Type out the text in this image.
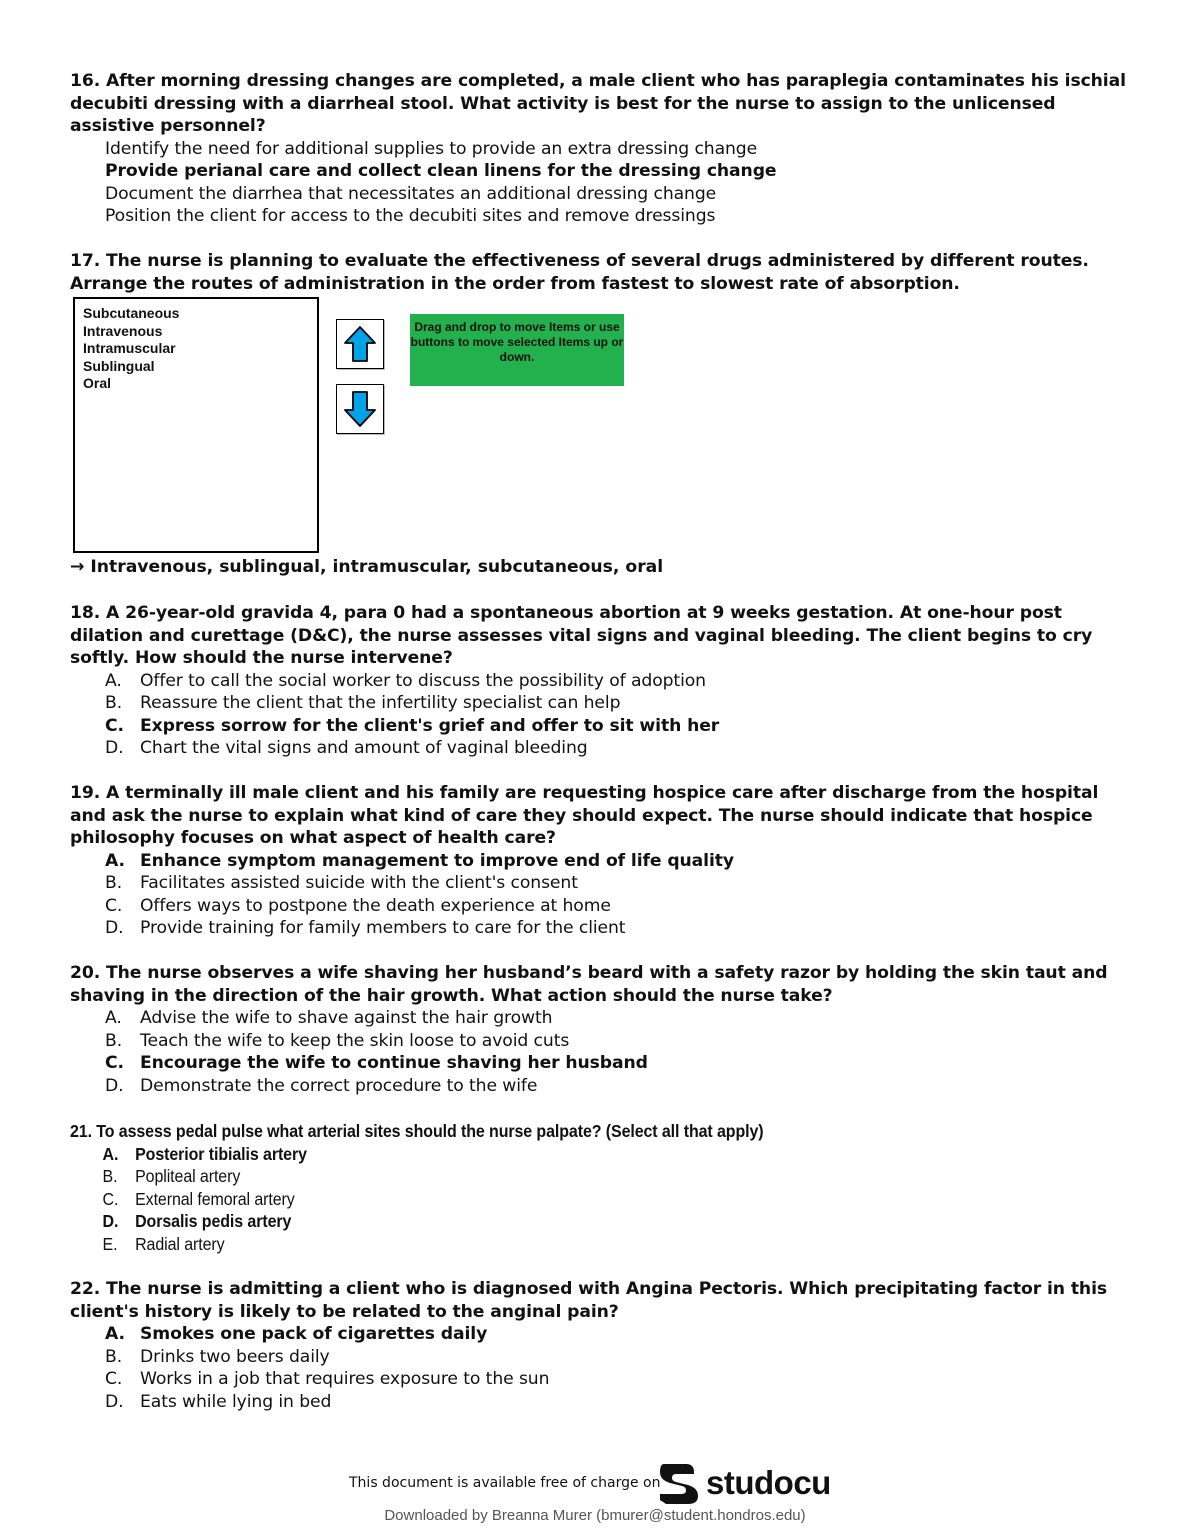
16. After morning dressing changes are completed, a male client who has paraplegia contaminates his ischial decubiti dressing with a diarrheal stool. What activity is best for the nurse to assign to the unlicensed assistive personnel?

Identify the need for additional supplies to provide an extra dressing change
Provide perianal care and collect clean linens for the dressing change
Document the diarrhea that necessitates an additional dressing change
Position the client for access to the decubiti sites and remove dressings

17. The nurse is planning to evaluate the effectiveness of several drugs administered by different routes. Arrange the routes of administration in the order from fastest to slowest rate of absorption.

Subcutaneous
Intravenous
Intramuscular
Sublingual
Oral
Drag and drop to move Items or use buttons to move selected Items up or down.
→ Intravenous, sublingual, intramuscular, subcutaneous, oral

18. A 26-year-old gravida 4, para 0 had a spontaneous abortion at 9 weeks gestation. At one-hour post dilation and curettage (D&C), the nurse assesses vital signs and vaginal bleeding. The client begins to cry softly. How should the nurse intervene?

A.	Offer to call the social worker to discuss the possibility of adoption
B.	Reassure the client that the infertility specialist can help
C. Express sorrow for the client's grief and offer to sit with her
D. Chart the vital signs and amount of vaginal bleeding

19. A terminally ill male client and his family are requesting hospice care after discharge from the hospital and ask the nurse to explain what kind of care they should expect. The nurse should indicate that hospice philosophy focuses on what aspect of health care?

A. Enhance symptom management to improve end of life quality
B.	Facilitates assisted suicide with the client's consent
C.	Offers ways to postpone the death experience at home
D. Provide training for family members to care for the client

20. The nurse observes a wife shaving her husband’s beard with a safety razor by holding the skin taut and shaving in the direction of the hair growth. What action should the nurse take?

A.	Advise the wife to shave against the hair growth
B.	Teach the wife to keep the skin loose to avoid cuts
C. Encourage the wife to continue shaving her husband
D. Demonstrate the correct procedure to the wife

21. To assess pedal pulse what arterial sites should the nurse palpate? (Select all that apply)

A. Posterior tibialis artery
B.	Popliteal artery
C. External femoral artery
D. Dorsalis pedis artery
E.	Radial artery

22. The nurse is admitting a client who is diagnosed with Angina Pectoris. Which precipitating factor in this client's history is likely to be related to the anginal pain?

A. Smokes one pack of cigarettes daily
B.	Drinks two beers daily
C.	Works in a job that requires exposure to the sun
D. Eats while lying in bed
This document is available free of charge on studocu
Downloaded by Breanna Murer (bmurer@student.hondros.edu)
